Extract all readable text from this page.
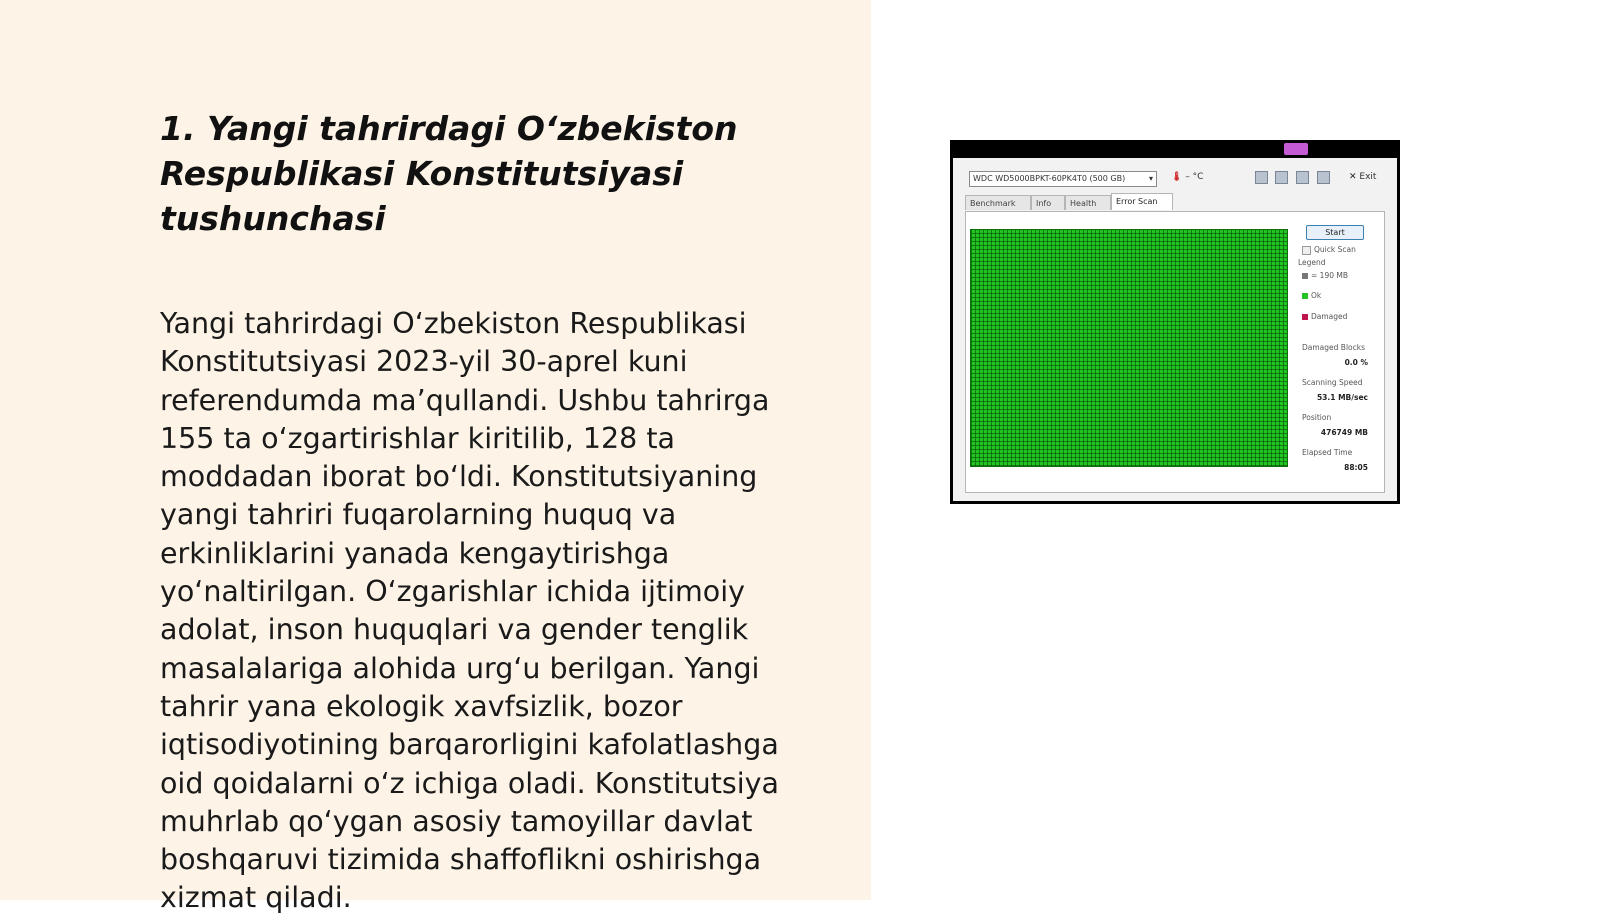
1. Yangi tahrirdagi O‘zbekiston Respublikasi Konstitutsiyasi tushunchasi

Yangi tahrirdagi O‘zbekiston Respublikasi Konstitutsiyasi 2023-yil 30-aprel kuni referendumda ma’qullandi. Ushbu tahrirga 155 ta o‘zgartirishlar kiritilib, 128 ta moddadan iborat bo‘ldi. Konstitutsiyaning yangi tahriri fuqarolarning huquq va erkinliklarini yanada kengaytirishga yo‘naltirilgan. O‘zgarishlar ichida ijtimoiy adolat, inson huquqlari va gender tenglik masalalariga alohida urg‘u berilgan. Yangi tahrir yana ekologik xavfsizlik, bozor iqtisodiyotining barqarorligini kafolatlashga oid qoidalarni o‘z ichiga oladi. Konstitutsiya muhrlab qo‘ygan asosiy tamoyillar davlat boshqaruvi tizimida shaffoflikni oshirishga xizmat qiladi.

WDC WD5000BPKT-60PK4T0 (500 GB)	▾ 🌡 – °C	✕ Exit
Benchmark	Info	Health	Error Scan
Start
Quick Scan
Legend
= 190 MB
Ok
Damaged
Damaged Blocks
0.0 %
Scanning Speed
53.1 MB/sec
Position
476749 MB
Elapsed Time
88:05
